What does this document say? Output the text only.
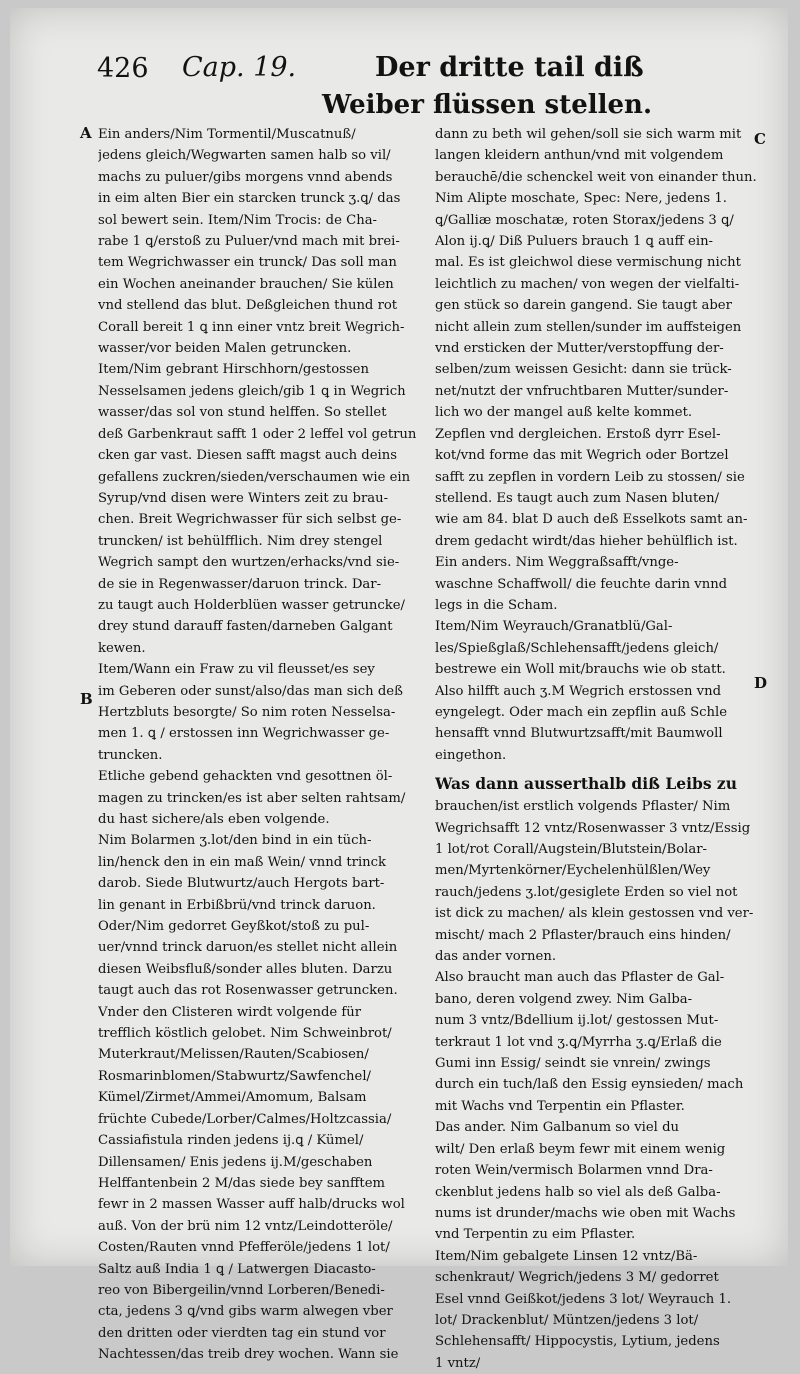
426 Cap. 19.	Der dritte tail diß
Weiber flüssen stellen.
A
B
C
D
Ein anders/Nim Tormentil/Muscatnuß/
jedens gleich/Wegwarten samen halb so vil/
machs zu puluer/gibs morgens vnnd abends
in eim alten Bier ein starcken trunck ʒ.ꝗ/ das
sol bewert sein. Item/Nim Trocis: de Cha-
rabe 1 ꝗ/erstoß zu Puluer/vnd mach mit brei-
tem Wegrichwasser ein trunck/ Das soll man
ein Wochen aneinander brauchen/ Sie külen
vnd stellend das blut. Deßgleichen thund rot
Corall bereit 1 ꝗ inn einer vntz breit Wegrich-
wasser/vor beiden Malen getruncken.
Item/Nim gebrant Hirschhorn/gestossen
Nesselsamen jedens gleich/gib 1 ꝗ in Wegrich
wasser/das sol von stund helffen. So stellet
deß Garbenkraut safft 1 oder 2 leffel vol getrun
cken gar vast. Diesen safft magst auch deins
gefallens zuckren/sieden/verschaumen wie ein
Syrup/vnd disen were Winters zeit zu brau-
chen. Breit Wegrichwasser für sich selbst ge-
truncken/ ist behülfflich. Nim drey stengel
Wegrich sampt den wurtzen/erhacks/vnd sie-
de sie in Regenwasser/daruon trinck. Dar-
zu taugt auch Holderblüen wasser getruncke/
drey stund darauff fasten/darneben Galgant
kewen.
Item/Wann ein Fraw zu vil fleusset/es sey
im Geberen oder sunst/also/das man sich deß
Hertzbluts besorgte/ So nim roten Nesselsa-
men 1. ꝗ / erstossen inn Wegrichwasser ge-
truncken.
Etliche gebend gehackten vnd gesottnen öl-
magen zu trincken/es ist aber selten rahtsam/
du hast sichere/als eben volgende.
Nim Bolarmen ʒ.lot/den bind in ein tüch-
lin/henck den in ein maß Wein/ vnnd trinck
darob. Siede Blutwurtz/auch Hergots bart-
lin genant in Erbißbrü/vnd trinck daruon.
Oder/Nim gedorret Geyßkot/stoß zu pul-
uer/vnnd trinck daruon/es stellet nicht allein
diesen Weibsfluß/sonder alles bluten. Darzu
taugt auch das rot Rosenwasser getruncken.
Vnder den Clisteren wirdt volgende für
trefflich köstlich gelobet. Nim Schweinbrot/
Muterkraut/Melissen/Rauten/Scabiosen/
Rosmarinblomen/Stabwurtz/Sawfenchel/
Kümel/Zirmet/Ammei/Amomum, Balsam
früchte Cubede/Lorber/Calmes/Holtzcassia/
Cassiafistula rinden jedens ij.ꝗ / Kümel/
Dillensamen/ Enis jedens ij.M/geschaben
Helffantenbein 2 M/das siede bey sanfftem
fewr in 2 massen Wasser auff halb/drucks wol
auß. Von der brü nim 12 vntz/Leindotteröle/
Costen/Rauten vnnd Pfefferöle/jedens 1 lot/
Saltz auß India 1 ꝗ / Latwergen Diacasto-
reo von Bibergeilin/vnnd Lorberen/Benedi-
cta, jedens 3 ꝗ/vnd gibs warm alwegen vber
den dritten oder vierdten tag ein stund vor
Nachtessen/das treib drey wochen. Wann sie
dann zu beth wil gehen/soll sie sich warm mit
langen kleidern anthun/vnd mit volgendem
berauchē/die schenckel weit von einander thun.
Nim Alipte moschate, Spec: Nere, jedens 1.
ꝗ/Galliæ moschatæ, roten Storax/jedens 3 ꝗ/
Alon ij.ꝗ/ Diß Puluers brauch 1 ꝗ auff ein-
mal. Es ist gleichwol diese vermischung nicht
leichtlich zu machen/ von wegen der vielfalti-
gen stück so darein gangend. Sie taugt aber
nicht allein zum stellen/sunder im auffsteigen
vnd ersticken der Mutter/verstopffung der-
selben/zum weissen Gesicht: dann sie trück-
net/nutzt der vnfruchtbaren Mutter/sunder-
lich wo der mangel auß kelte kommet.
Zepflen vnd dergleichen. Erstoß dyrr Esel-
kot/vnd forme das mit Wegrich oder Bortzel
safft zu zepflen in vordern Leib zu stossen/ sie
stellend. Es taugt auch zum Nasen bluten/
wie am 84. blat D auch deß Esselkots samt an-
drem gedacht wirdt/das hieher behülflich ist.
Ein anders. Nim Weggraßsafft/vnge-
waschne Schaffwoll/ die feuchte darin vnnd
legs in die Scham.
Item/Nim Weyrauch/Granatblü/Gal-
les/Spießglaß/Schlehensafft/jedens gleich/
bestrewe ein Woll mit/brauchs wie ob statt.
Also hilfft auch ʒ.M Wegrich erstossen vnd
eyngelegt. Oder mach ein zepflin auß Schle
hensafft vnnd Blutwurtzsafft/mit Baumwoll
eingethon.
Was dann ausserthalb diß Leibs zu
brauchen/ist erstlich volgends Pflaster/ Nim
Wegrichsafft 12 vntz/Rosenwasser 3 vntz/Essig
1 lot/rot Corall/Augstein/Blutstein/Bolar-
men/Myrtenkörner/Eychelenhülßlen/Wey
rauch/jedens ʒ.lot/gesiglete Erden so viel not
ist dick zu machen/ als klein gestossen vnd ver-
mischt/ mach 2 Pflaster/brauch eins hinden/
das ander vornen.
Also braucht man auch das Pflaster de Gal-
bano, deren volgend zwey. Nim Galba-
num 3 vntz/Bdellium ij.lot/ gestossen Mut-
terkraut 1 lot vnd ʒ.ꝗ/Myrrha ʒ.ꝗ/Erlaß die
Gumi inn Essig/ seindt sie vnrein/ zwings
durch ein tuch/laß den Essig eynsieden/ mach
mit Wachs vnd Terpentin ein Pflaster.
Das ander. Nim Galbanum so viel du
wilt/ Den erlaß beym fewr mit einem wenig
roten Wein/vermisch Bolarmen vnnd Dra-
ckenblut jedens halb so viel als deß Galba-
nums ist drunder/machs wie oben mit Wachs
vnd Terpentin zu eim Pflaster.
Item/Nim gebalgete Linsen 12 vntz/Bä-
schenkraut/ Wegrich/jedens 3 M/ gedorret
Esel vnnd Geißkot/jedens 3 lot/ Weyrauch 1.
lot/ Drackenblut/ Müntzen/jedens 3 lot/
Schlehensafft/ Hippocystis, Lytium, jedens
1 vntz/
